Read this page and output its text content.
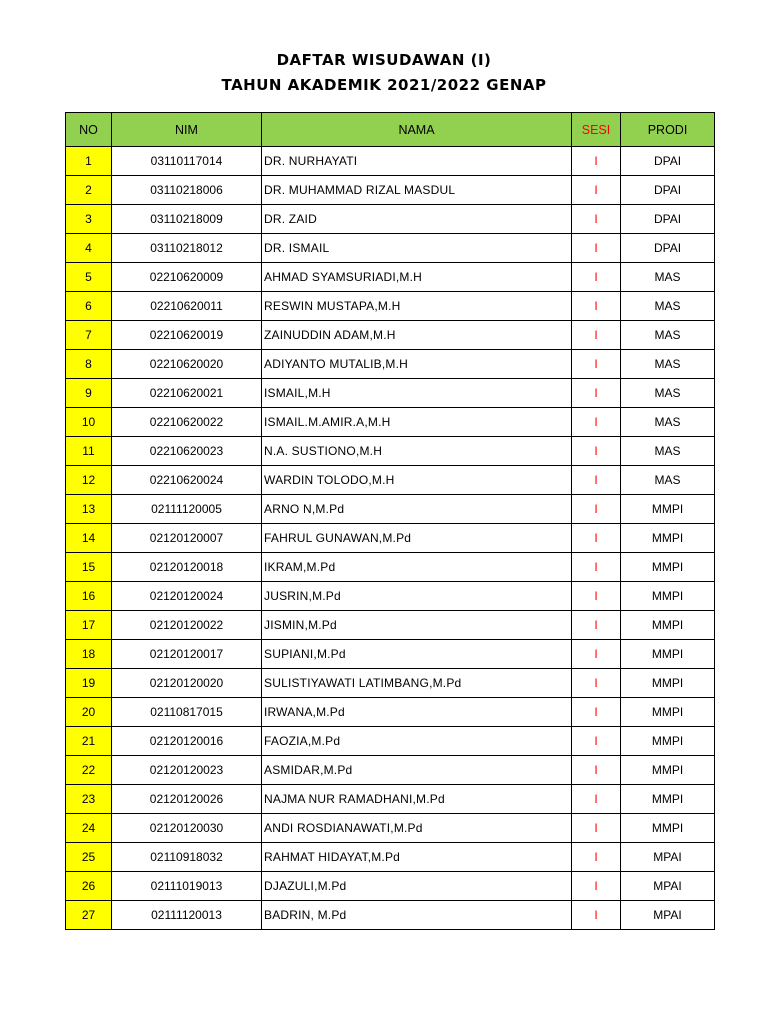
DAFTAR WISUDAWAN (I)
TAHUN AKADEMIK 2021/2022 GENAP
NO	NIM	NAMA	SESI	PRODI
1	03110117014	DR. NURHAYATI	I	DPAI
2	03110218006	DR. MUHAMMAD RIZAL MASDUL	I	DPAI
3	03110218009	DR. ZAID	I	DPAI
4	03110218012	DR. ISMAIL	I	DPAI
5	02210620009	AHMAD SYAMSURIADI,M.H	I	MAS
6	02210620011	RESWIN MUSTAPA,M.H	I	MAS
7	02210620019	ZAINUDDIN ADAM,M.H	I	MAS
8	02210620020	ADIYANTO MUTALIB,M.H	I	MAS
9	02210620021	ISMAIL,M.H	I	MAS
10	02210620022	ISMAIL.M.AMIR.A,M.H	I	MAS
11	02210620023	N.A. SUSTIONO,M.H	I	MAS
12	02210620024	WARDIN TOLODO,M.H	I	MAS
13	02111120005	ARNO N,M.Pd	I	MMPI
14	02120120007	FAHRUL GUNAWAN,M.Pd	I	MMPI
15	02120120018	IKRAM,M.Pd	I	MMPI
16	02120120024	JUSRIN,M.Pd	I	MMPI
17	02120120022	JISMIN,M.Pd	I	MMPI
18	02120120017	SUPIANI,M.Pd	I	MMPI
19	02120120020	SULISTIYAWATI LATIMBANG,M.Pd	I	MMPI
20	02110817015	IRWANA,M.Pd	I	MMPI
21	02120120016	FAOZIA,M.Pd	I	MMPI
22	02120120023	ASMIDAR,M.Pd	I	MMPI
23	02120120026	NAJMA NUR RAMADHANI,M.Pd	I	MMPI
24	02120120030	ANDI ROSDIANAWATI,M.Pd	I	MMPI
25	02110918032	RAHMAT HIDAYAT,M.Pd	I	MPAI
26	02111019013	DJAZULI,M.Pd	I	MPAI
27	02111120013	BADRIN, M.Pd	I	MPAI
